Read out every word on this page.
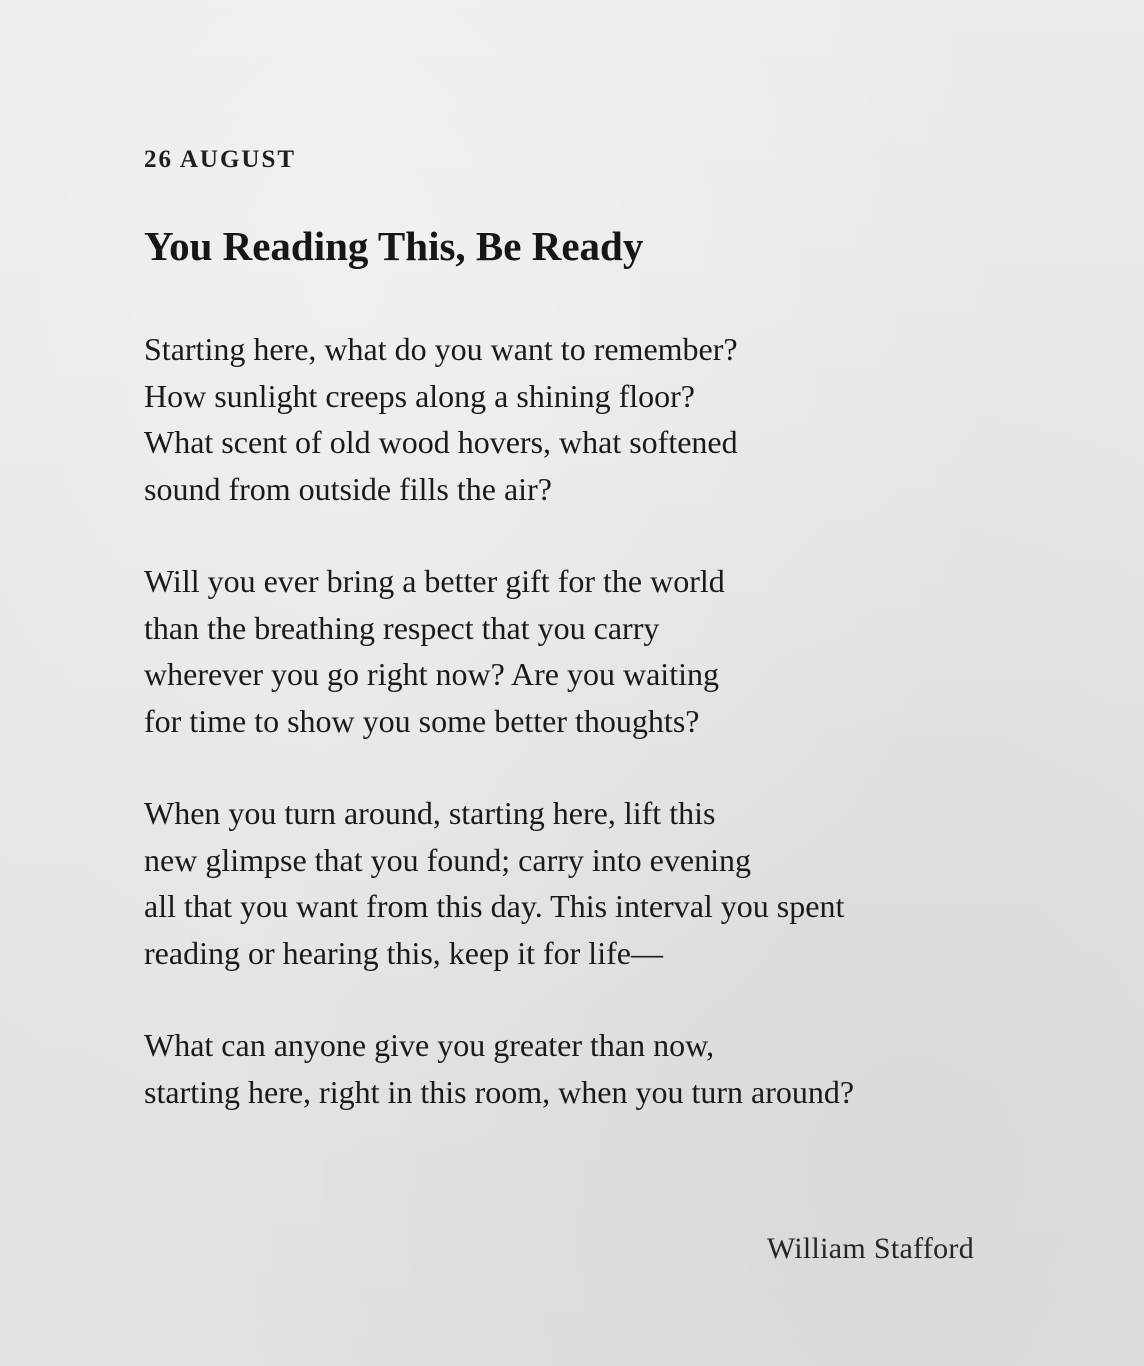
26 AUGUST
You Reading This, Be Ready
Starting here, what do you want to remember?
How sunlight creeps along a shining floor?
What scent of old wood hovers, what softened
sound from outside fills the air?
Will you ever bring a better gift for the world
than the breathing respect that you carry
wherever you go right now? Are you waiting
for time to show you some better thoughts?
When you turn around, starting here, lift this
new glimpse that you found; carry into evening
all that you want from this day. This interval you spent
reading or hearing this, keep it for life—
What can anyone give you greater than now,
starting here, right in this room, when you turn around?
William Stafford
